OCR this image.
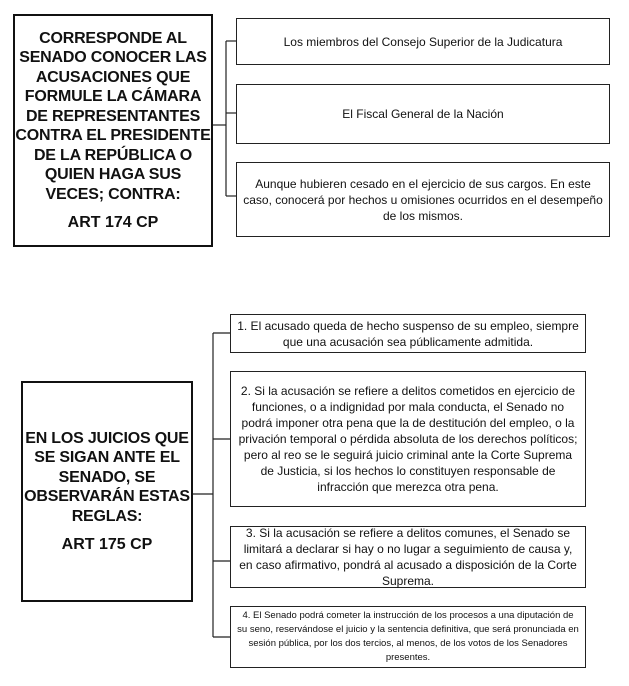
CORRESPONDE AL SENADO CONOCER LAS ACUSACIONES QUE FORMULE LA CÁMARA DE REPRESENTANTES CONTRA EL PRESIDENTE DE LA REPÚBLICA O QUIEN HAGA SUS VECES; CONTRA:
ART 174 CP
Los miembros del Consejo Superior de la Judicatura
El Fiscal General de la Nación
Aunque hubieren cesado en el ejercicio de sus cargos. En este caso, conocerá por hechos u omisiones ocurridos en el desempeño de los mismos.
EN LOS JUICIOS QUE SE SIGAN ANTE EL SENADO, SE OBSERVARÁN ESTAS REGLAS:
ART 175 CP
1. El acusado queda de hecho suspenso de su empleo, siempre que una acusación sea públicamente admitida.
2. Si la acusación se refiere a delitos cometidos en ejercicio de funciones, o a indignidad por mala conducta, el Senado no podrá imponer otra pena que la de destitución del empleo, o la privación temporal o pérdida absoluta de los derechos políticos; pero al reo se le seguirá juicio criminal ante la Corte Suprema de Justicia, si los hechos lo constituyen responsable de infracción que merezca otra pena.
3. Si la acusación se refiere a delitos comunes, el Senado se limitará a declarar si hay o no lugar a seguimiento de causa y, en caso afirmativo, pondrá al acusado a disposición de la Corte Suprema.
4. El Senado podrá cometer la instrucción de los procesos a una diputación de su seno, reservándose el juicio y la sentencia definitiva, que será pronunciada en sesión pública, por los dos tercios, al menos, de los votos de los Senadores presentes.
